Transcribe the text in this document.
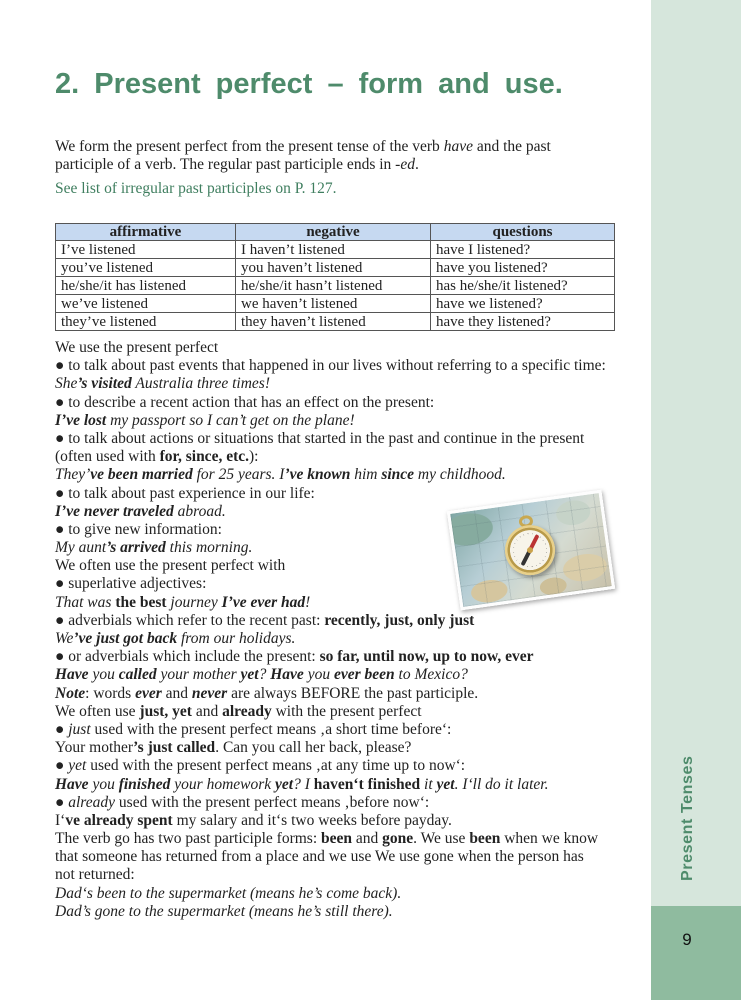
Present Tenses
9
2. Present perfect – form and use.
We form the present perfect from the present tense of the verb have and the past
participle of a verb. The regular past participle ends in -ed.
See list of irregular past participles on P. 127.
affirmative	negative	questions
I’ve listened	I haven’t listened	have I listened?
you’ve listened	you haven’t listened	have you listened?
he/she/it has listened	he/she/it hasn’t listened	has he/she/it listened?
we’ve listened	we haven’t listened	have we listened?
they’ve listened	they haven’t listened	have they listened?
We use the present perfect
● to talk about past events that happened in our lives without referring to a specific time:
She’s visited Australia three times!
● to describe a recent action that has an effect on the present:
I’ve lost my passport so I can’t get on the plane!
● to talk about actions or situations that started in the past and continue in the present
(often used with for, since, etc.):
They’ve been married for 25 years. I’ve known him since my childhood.
● to talk about past experience in our life:
I’ve never traveled abroad.
● to give new information:
My aunt’s arrived this morning.
We often use the present perfect with
● superlative adjectives:
That was the best journey I’ve ever had!
● adverbials which refer to the recent past: recently, just, only just
We’ve just got back from our holidays.
● or adverbials which include the present: so far, until now, up to now, ever
Have you called your mother yet? Have you ever been to Mexico?
Note: words ever and never are always BEFORE the past participle.
We often use just, yet and already with the present perfect
● just used with the present perfect means ‚a short time before‘:
Your mother’s just called. Can you call her back, please?
● yet used with the present perfect means ‚at any time up to now‘:
Have you finished your homework yet? I haven‘t finished it yet. I‘ll do it later.
● already used with the present perfect means ‚before now‘:
I‘ve already spent my salary and it‘s two weeks before payday.
The verb go has two past participle forms: been and gone. We use been when we know
that someone has returned from a place and we use We use gone when the person has
not returned:
Dad‘s been to the supermarket (means he’s come back).
Dad’s gone to the supermarket (means he’s still there).
